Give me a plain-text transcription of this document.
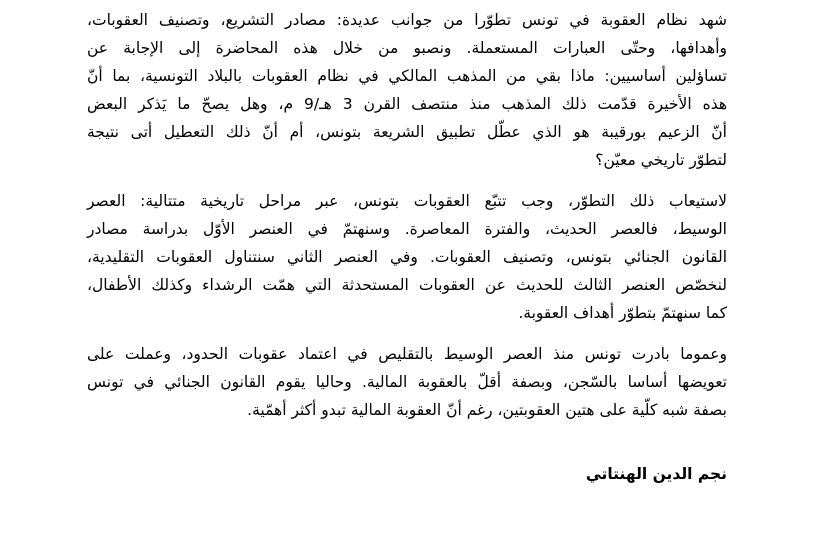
شهد نظام العقوبة في تونس تطوّرا من جوانب عديدة: مصادر التشريع، وتصنيف العقوبات،
وأهدافها، وحتّى العبارات المستعملة. ونصبو من خلال هذه المحاضرة إلى الإجابة عن
تساؤلين أساسيين: ماذا بقي من المذهب المالكي في نظام العقوبات بالبلاد التونسية، بما أنّ
هذه الأخيرة قدّمت ذلك المذهب منذ منتصف القرن 3 هـ/9 م، وهل يصحّ ما يَذكر البعض
أنّ الزعيم بورقيبة هو الذي عطّل تطبيق الشريعة بتونس، أم أنّ ذلك التعطيل أتى نتيجة
لتطوّر تاريخي معيّن؟

لاستيعاب ذلك التطوّر، وجب تتبّع العقوبات بتونس، عبر مراحل تاريخية متتالية: العصر
الوسيط، فالعصر الحديث، والفترة المعاصرة. وسنهتمّ في العنصر الأوّل بدراسة مصادر
القانون الجنائي بتونس، وتصنيف العقوبات. وفي العنصر الثاني سنتناول العقوبات التقليدية،
لنخصّص العنصر الثالث للحديث عن العقوبات المستحدثة التي همّت الرشداء وكذلك الأطفال،
كما سنهتمّ بتطوّر أهداف العقوبة.

وعموما بادرت تونس منذ العصر الوسيط بالتقليص في اعتماد عقوبات الحدود، وعملت على
تعويضها أساسا بالسّجن، وبصفة أقلّ بالعقوبة المالية. وحاليا يقوم القانون الجنائي في تونس
بصفة شبه كلّية على هتين العقوبتين، رغم أنّ العقوبة المالية تبدو أكثر أهمّية.

نجم الدين الهنتاتي
